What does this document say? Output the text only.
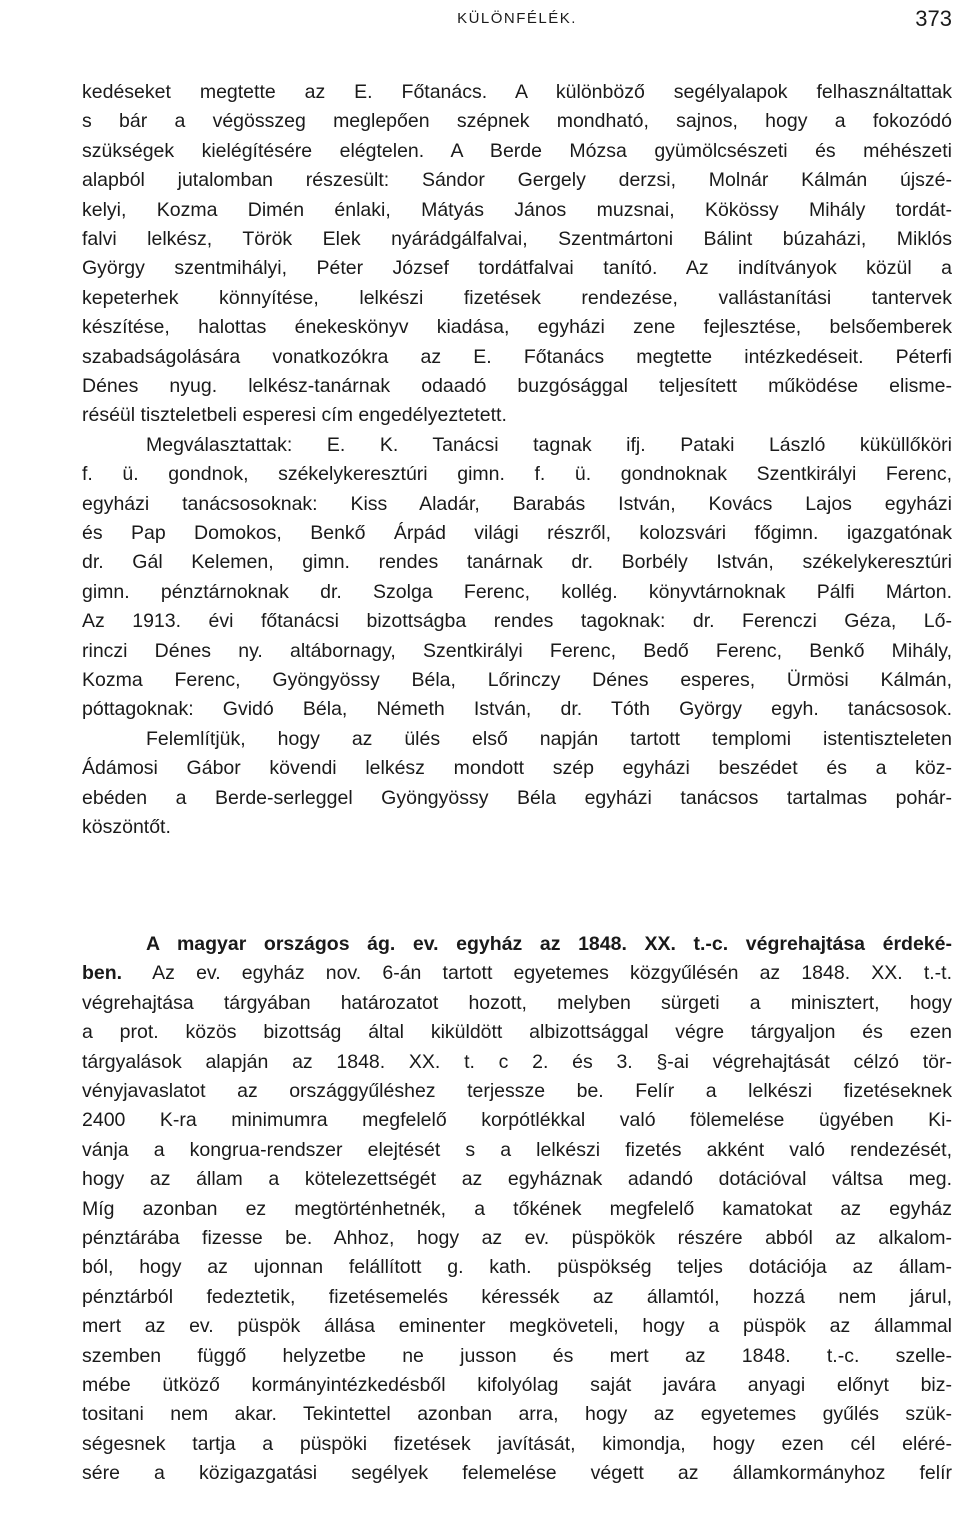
KÜLÖNFÉLÉK.	373
kedéseket megtette az E. Főtanács. A különböző segélyalapok felhasználtattak
s bár a végösszeg meglepően szépnek mondható, sajnos, hogy a fokozódó
szükségek kielégítésére elégtelen. A Berde Mózsa gyümölcsészeti és méhészeti
alapból jutalomban részesült: Sándor Gergely derzsi, Molnár Kálmán újszé-
kelyi, Kozma Dimén énlaki, Mátyás János muzsnai, Kökössy Mihály tordát-
falvi lelkész, Török Elek nyárádgálfalvai, Szentmártoni Bálint búzaházi, Miklós
György szentmihályi, Péter József tordátfalvai tanító. Az indítványok közül a
kepeterhek könnyítése, lelkészi fizetések rendezése, vallástanítási tantervek
készítése, halottas énekeskönyv kiadása, egyházi zene fejlesztése, belsőemberek
szabadságolására vonatkozókra az E. Főtanács megtette intézkedéseit. Péterfi
Dénes nyug. lelkész-tanárnak odaadó buzgósággal teljesített működése elisme-
réséül tiszteletbeli esperesi cím engedélyeztetett.
Megválasztattak: E. K. Tanácsi tagnak ifj. Pataki László küküllőköri
f. ü. gondnok, székelykeresztúri gimn. f. ü. gondnoknak Szentkirályi Ferenc,
egyházi tanácsosoknak: Kiss Aladár, Barabás István, Kovács Lajos egyházi
és Pap Domokos, Benkő Árpád világi részről, kolozsvári főgimn. igazgatónak
dr. Gál Kelemen, gimn. rendes tanárnak dr. Borbély István, székelykeresztúri
gimn. pénztárnoknak dr. Szolga Ferenc, kollég. könyvtárnoknak Pálfi Márton.
Az 1913. évi főtanácsi bizottságba rendes tagoknak: dr. Ferenczi Géza, Lő-
rinczi Dénes ny. altábornagy, Szentkirályi Ferenc, Bedő Ferenc, Benkő Mihály,
Kozma Ferenc, Gyöngyössy Béla, Lőrinczy Dénes esperes, Ürmösi Kálmán,
póttagoknak: Gvidó Béla, Németh István, dr. Tóth György egyh. tanácsosok.
Felemlítjük, hogy az ülés első napján tartott templomi istentiszteleten
Ádámosi Gábor kövendi lelkész mondott szép egyházi beszédet és a köz-
ebéden a Berde-serleggel Gyöngyössy Béla egyházi tanácsos tartalmas pohár-
köszöntőt.
A magyar országos ág. ev. egyház az 1848. XX. t.-c. végrehajtása érdeké-
ben. Az ev. egyház nov. 6-án tartott egyetemes közgyűlésén az 1848. XX. t.-t.
végrehajtása tárgyában határozatot hozott, melyben sürgeti a minisztert, hogy
a prot. közös bizottság által kiküldött albizottsággal végre tárgyaljon és ezen
tárgyalások alapján az 1848. XX. t. c 2. és 3. §-ai végrehajtását célzó tör-
vényjavaslatot az országgyűléshez terjessze be. Felír a lelkészi fizetéseknek
2400 K-ra minimumra megfelelő korpótlékkal való fölemelése ügyében Ki-
vánja a kongrua-rendszer elejtését s a lelkészi fizetés akként való rendezését,
hogy az állam a kötelezettségét az egyháznak adandó dotációval váltsa meg.
Míg azonban ez megtörténhetnék, a tőkének megfelelő kamatokat az egyház
pénztárába fizesse be. Ahhoz, hogy az ev. püspökök részére abból az alkalom-
ból, hogy az ujonnan felállított g. kath. püspökség teljes dotációja az állam-
pénztárból fedeztetik, fizetésemelés kéressék az államtól, hozzá nem járul,
mert az ev. püspök állása eminenter megköveteli, hogy a püspök az állammal
szemben függő helyzetbe ne jusson és mert az 1848. t.-c. szelle-
mébe ütköző kormányintézkedésből kifolyólag saját javára anyagi előnyt biz-
tositani nem akar. Tekintettel azonban arra, hogy az egyetemes gyűlés szük-
ségesnek tartja a püspöki fizetések javítását, kimondja, hogy ezen cél eléré-
sére a közigazgatási segélyek felemelése végett az államkormányhoz felír
